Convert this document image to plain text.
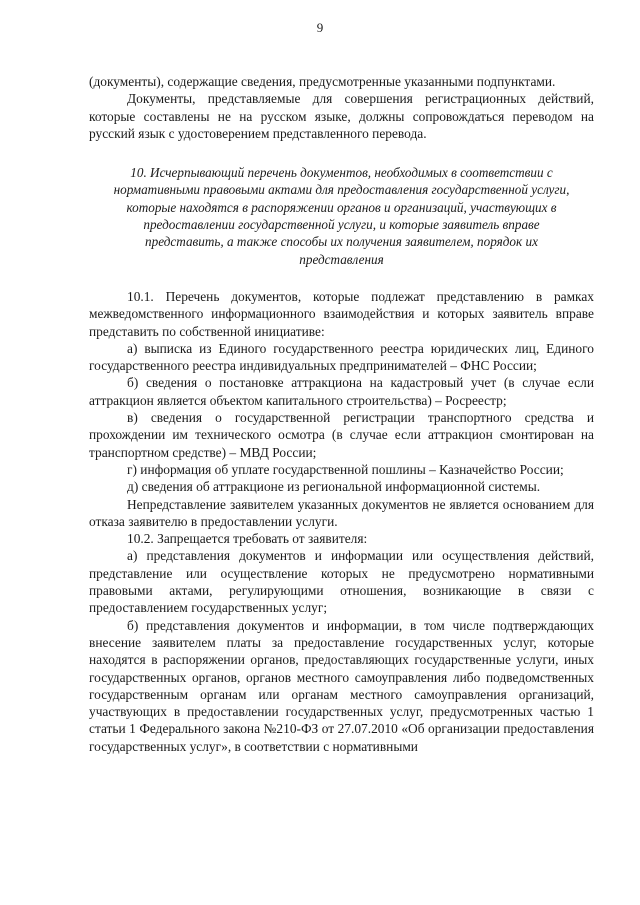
9

(документы), содержащие сведения, предусмотренные указанными подпунктами.

Документы, представляемые для совершения регистрационных действий, которые составлены не на русском языке, должны сопровождаться переводом на русский язык с удостоверением представленного перевода.

10. Исчерпывающий перечень документов, необходимых в соответствии с нормативными правовыми актами для предоставления государственной услуги, которые находятся в распоряжении органов и организаций, участвующих в предоставлении государственной услуги, и которые заявитель вправе представить, а также способы их получения заявителем, порядок их представления

10.1. Перечень документов, которые подлежат представлению в рамках межведомственного информационного взаимодействия и которых заявитель вправе представить по собственной инициативе:

а) выписка из Единого государственного реестра юридических лиц, Единого государственного реестра индивидуальных предпринимателей – ФНС России;

б) сведения о постановке аттракциона на кадастровый учет (в случае если аттракцион является объектом капитального строительства) – Росреестр;

в) сведения о государственной регистрации транспортного средства и прохождении им технического осмотра (в случае если аттракцион смонтирован на транспортном средстве) – МВД России;

г) информация об уплате государственной пошлины – Казначейство России;

д) сведения об аттракционе из региональной информационной системы.

Непредставление заявителем указанных документов не является основанием для отказа заявителю в предоставлении услуги.

10.2. Запрещается требовать от заявителя:

а) представления документов и информации или осуществления действий, представление или осуществление которых не предусмотрено нормативными правовыми актами, регулирующими отношения, возникающие в связи с предоставлением государственных услуг;

б) представления документов и информации, в том числе подтверждающих внесение заявителем платы за предоставление государственных услуг, которые находятся в распоряжении органов, предоставляющих государственные услуги, иных государственных органов, органов местного самоуправления либо подведомственных государственным органам или органам местного самоуправления организаций, участвующих в предоставлении государственных услуг, предусмотренных частью 1 статьи 1 Федерального закона №210-ФЗ от 27.07.2010 «Об организации предоставления государственных услуг», в соответствии с нормативными
